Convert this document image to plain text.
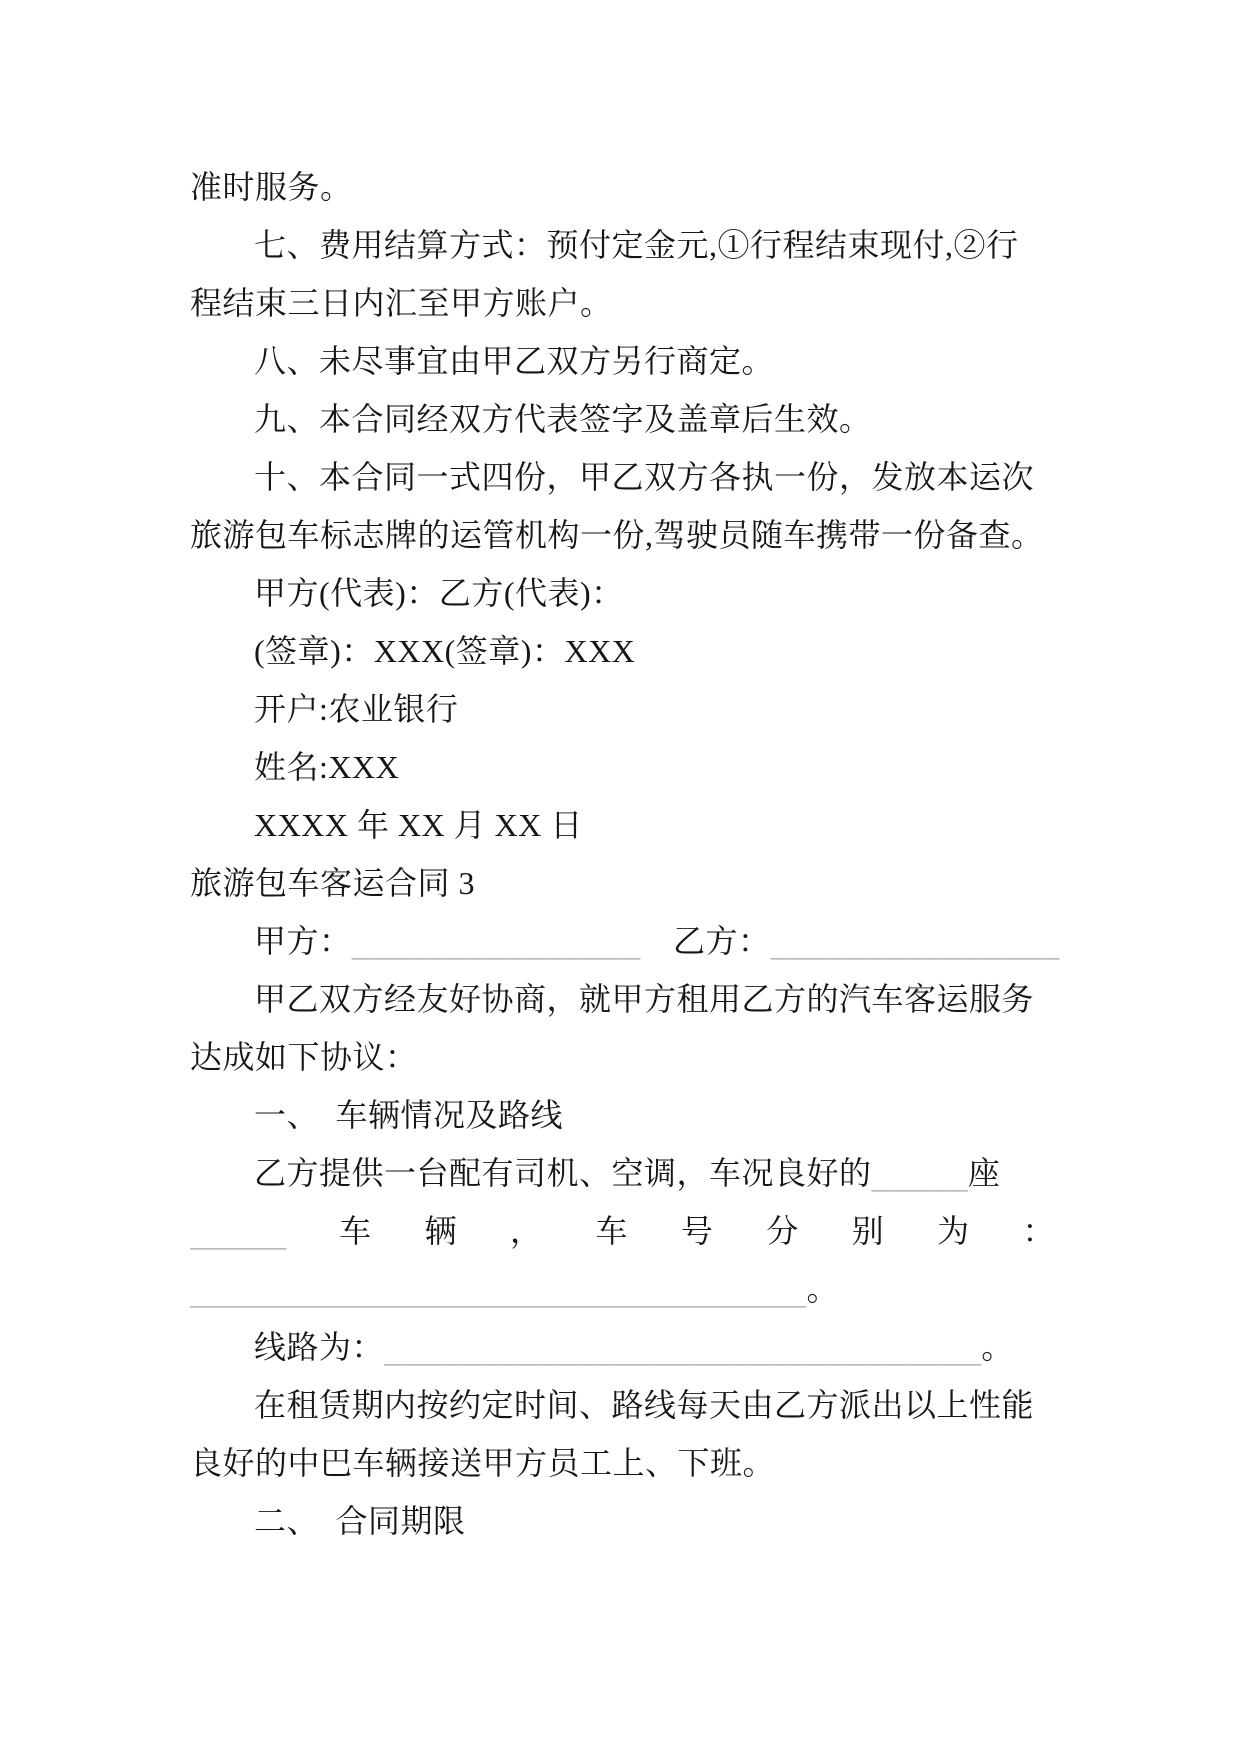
准时服务。
七、费用结算方式：预付定金元,①行程结束现付,②行
程结束三日内汇至甲方账户。
八、未尽事宜由甲乙双方另行商定。
九、本合同经双方代表签字及盖章后生效。
十、本合同一式四份，甲乙双方各执一份，发放本运次
旅游包车标志牌的运管机构一份,驾驶员随车携带一份备查。
甲方(代表)：乙方(代表)：
(签章)：XXX(签章)：XXX
开户:农业银行
姓名:XXX
XXXX 年 XX 月 XX 日
旅游包车客运合同 3
甲方：_______________　乙方：_______________
甲乙双方经友好协商，就甲方租用乙方的汽车客运服务
达成如下协议：
一、　车辆情况及路线
乙方提供一台配有司机、空调，车况良好的_____座
_____ 车 辆 ， 车 号 分 别 为 ：
________________________________。
线路为：_______________________________。
在租赁期内按约定时间、路线每天由乙方派出以上性能
良好的中巴车辆接送甲方员工上、下班。
二、　合同期限
